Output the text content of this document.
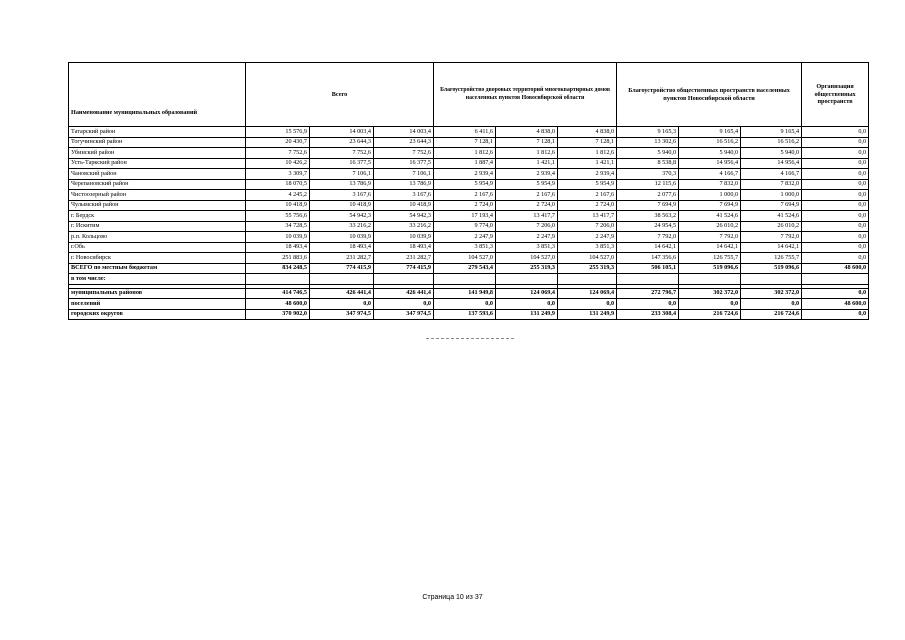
Наименование муниципальных образований	Всего			Благоустройство дворовых территорий многоквартирных домов населенных пунктов Новосибирской области			Благоустройство общественных пространств населенных пунктов Новосибирской области			Организация общественных пространств
Татарский район	15 576,9	14 003,4	14 003,4	6 411,6	4 838,0	4 838,0	9 165,3	9 165,4	9 165,4	0,0
Тогучинский район	20 430,7	23 644,3	23 644,3	7 128,1	7 128,1	7 128,1	13 302,6	16 516,2	16 516,2	0,0
Убинский район	7 752,6	7 752,6	7 752,6	1 812,6	1 812,6	1 812,6	5 940,0	5 940,0	5 940,0	0,0
Усть-Таркский район	10 426,2	16 377,5	16 377,5	1 887,4	1 421,1	1 421,1	8 538,8	14 956,4	14 956,4	0,0
Чановский район	3 309,7	7 106,1	7 106,1	2 939,4	2 939,4	2 939,4	370,3	4 166,7	4 166,7	0,0
Черепановский район	18 070,5	13 786,9	13 786,9	5 954,9	5 954,9	5 954,9	12 115,6	7 832,0	7 832,0	0,0
Чистоозерный район	4 245,2	3 167,6	3 167,6	2 167,6	2 167,6	2 167,6	2 077,6	1 000,0	1 000,0	0,0
Чулымский район	10 418,9	10 418,9	10 418,9	2 724,0	2 724,0	2 724,0	7 694,9	7 694,9	7 694,9	0,0
г. Бердск	55 756,6	54 942,3	54 942,3	17 193,4	13 417,7	13 417,7	38 563,2	41 524,6	41 524,6	0,0
г. Искитим	34 728,5	33 216,2	33 216,2	9 774,0	7 206,0	7 206,0	24 954,5	26 010,2	26 010,2	0,0
р.п. Кольцово	10 039,9	10 039,9	10 039,9	2 247,9	2 247,9	2 247,9	7 792,0	7 792,0	7 792,0	0,0
г.Обь	18 493,4	18 493,4	18 493,4	3 851,3	3 851,3	3 851,3	14 642,1	14 642,1	14 642,1	0,0
г. Новосибирск	251 883,6	231 282,7	231 282,7	104 527,0	104 527,0	104 527,0	147 356,6	126 755,7	126 755,7	0,0
ВСЕГО по местным бюджетам	834 248,5	774 415,9	774 415,9	279 543,4	255 319,3	255 319,3	506 105,1	519 096,6	519 096,6	48 600,0
в том числе:										

муниципальных районов	414 746,5	426 441,4	426 441,4	141 949,8	124 069,4	124 069,4	272 796,7	302 372,0	302 372,0	0,0
поселений	48 600,0	0,0	0,0	0,0	0,0	0,0	0,0	0,0	0,0	48 600,0
городских округов	370 902,0	347 974,5	347 974,5	137 593,6	131 249,9	131 249,9	233 308,4	216 724,6	216 724,6	0,0
Страница 10 из 37
